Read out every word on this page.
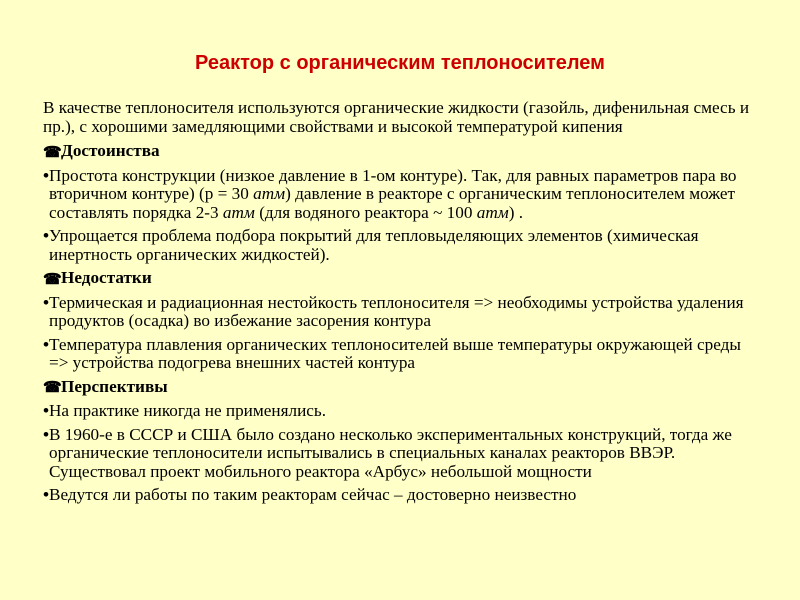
Реактор с органическим теплоносителем
В качестве теплоносителя используются органические жидкости (газойль, дифенильная смесь и пр.), с хорошими замедляющими свойствами и высокой температурой кипения
☎ Достоинства
• Простота конструкции (низкое давление в 1-ом контуре). Так, для равных параметров пара во вторичном контуре) (р = 30 атм) давление в реакторе с органическим теплоносителем может составлять порядка 2-3 атм (для водяного реактора ~ 100 атм) .
• Упрощается проблема подбора покрытий для тепловыделяющих элементов (химическая инертность органических жидкостей).
☎ Недостатки
• Термическая и радиационная нестойкость теплоносителя => необходимы устройства удаления продуктов (осадка) во избежание засорения контура
• Температура плавления органических теплоносителей выше температуры окружающей среды => устройства подогрева внешних частей контура
☎ Перспективы
• На практике никогда не применялись.
• В 1960-е в СССР и США было создано несколько экспериментальных конструкций, тогда же органические теплоносители испытывались в специальных каналах реакторов ВВЭР. Существовал проект мобильного реактора «Арбус» небольшой мощности
• Ведутся ли работы по таким реакторам сейчас – достоверно неизвестно
